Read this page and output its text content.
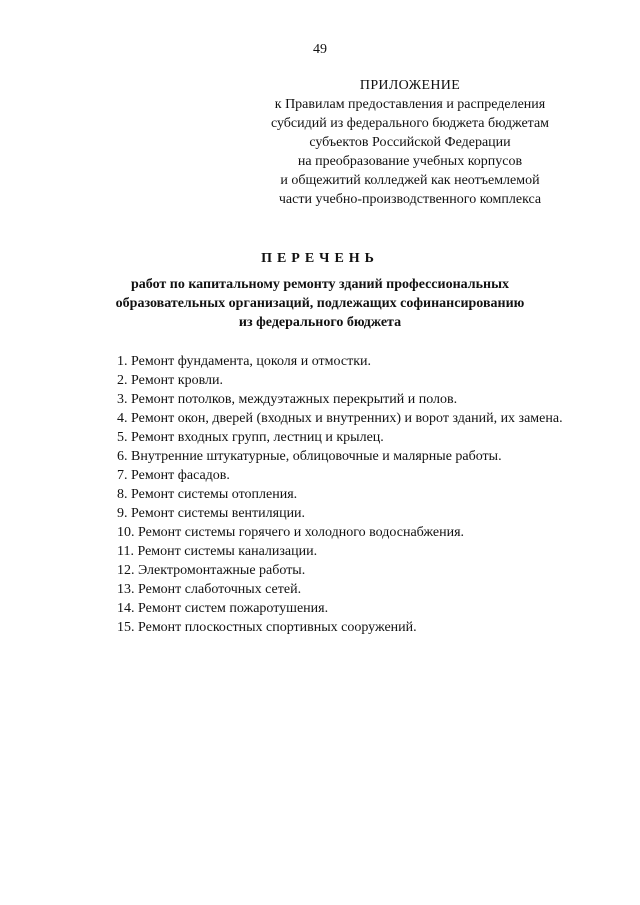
49
ПРИЛОЖЕНИЕ
к Правилам предоставления и распределения
субсидий из федерального бюджета бюджетам
субъектов Российской Федерации
на преобразование учебных корпусов
и общежитий колледжей как неотъемлемой
части учебно-производственного комплекса
ПЕРЕЧЕНЬ
работ по капитальному ремонту зданий профессиональных
образовательных организаций, подлежащих софинансированию
из федерального бюджета
1. Ремонт фундамента, цоколя и отмостки.
2. Ремонт кровли.
3. Ремонт потолков, междуэтажных перекрытий и полов.
4. Ремонт окон, дверей (входных и внутренних) и ворот зданий, их замена.
5. Ремонт входных групп, лестниц и крылец.
6. Внутренние штукатурные, облицовочные и малярные работы.
7. Ремонт фасадов.
8. Ремонт системы отопления.
9. Ремонт системы вентиляции.
10. Ремонт системы горячего и холодного водоснабжения.
11. Ремонт системы канализации.
12. Электромонтажные работы.
13. Ремонт слаботочных сетей.
14. Ремонт систем пожаротушения.
15. Ремонт плоскостных спортивных сооружений.
